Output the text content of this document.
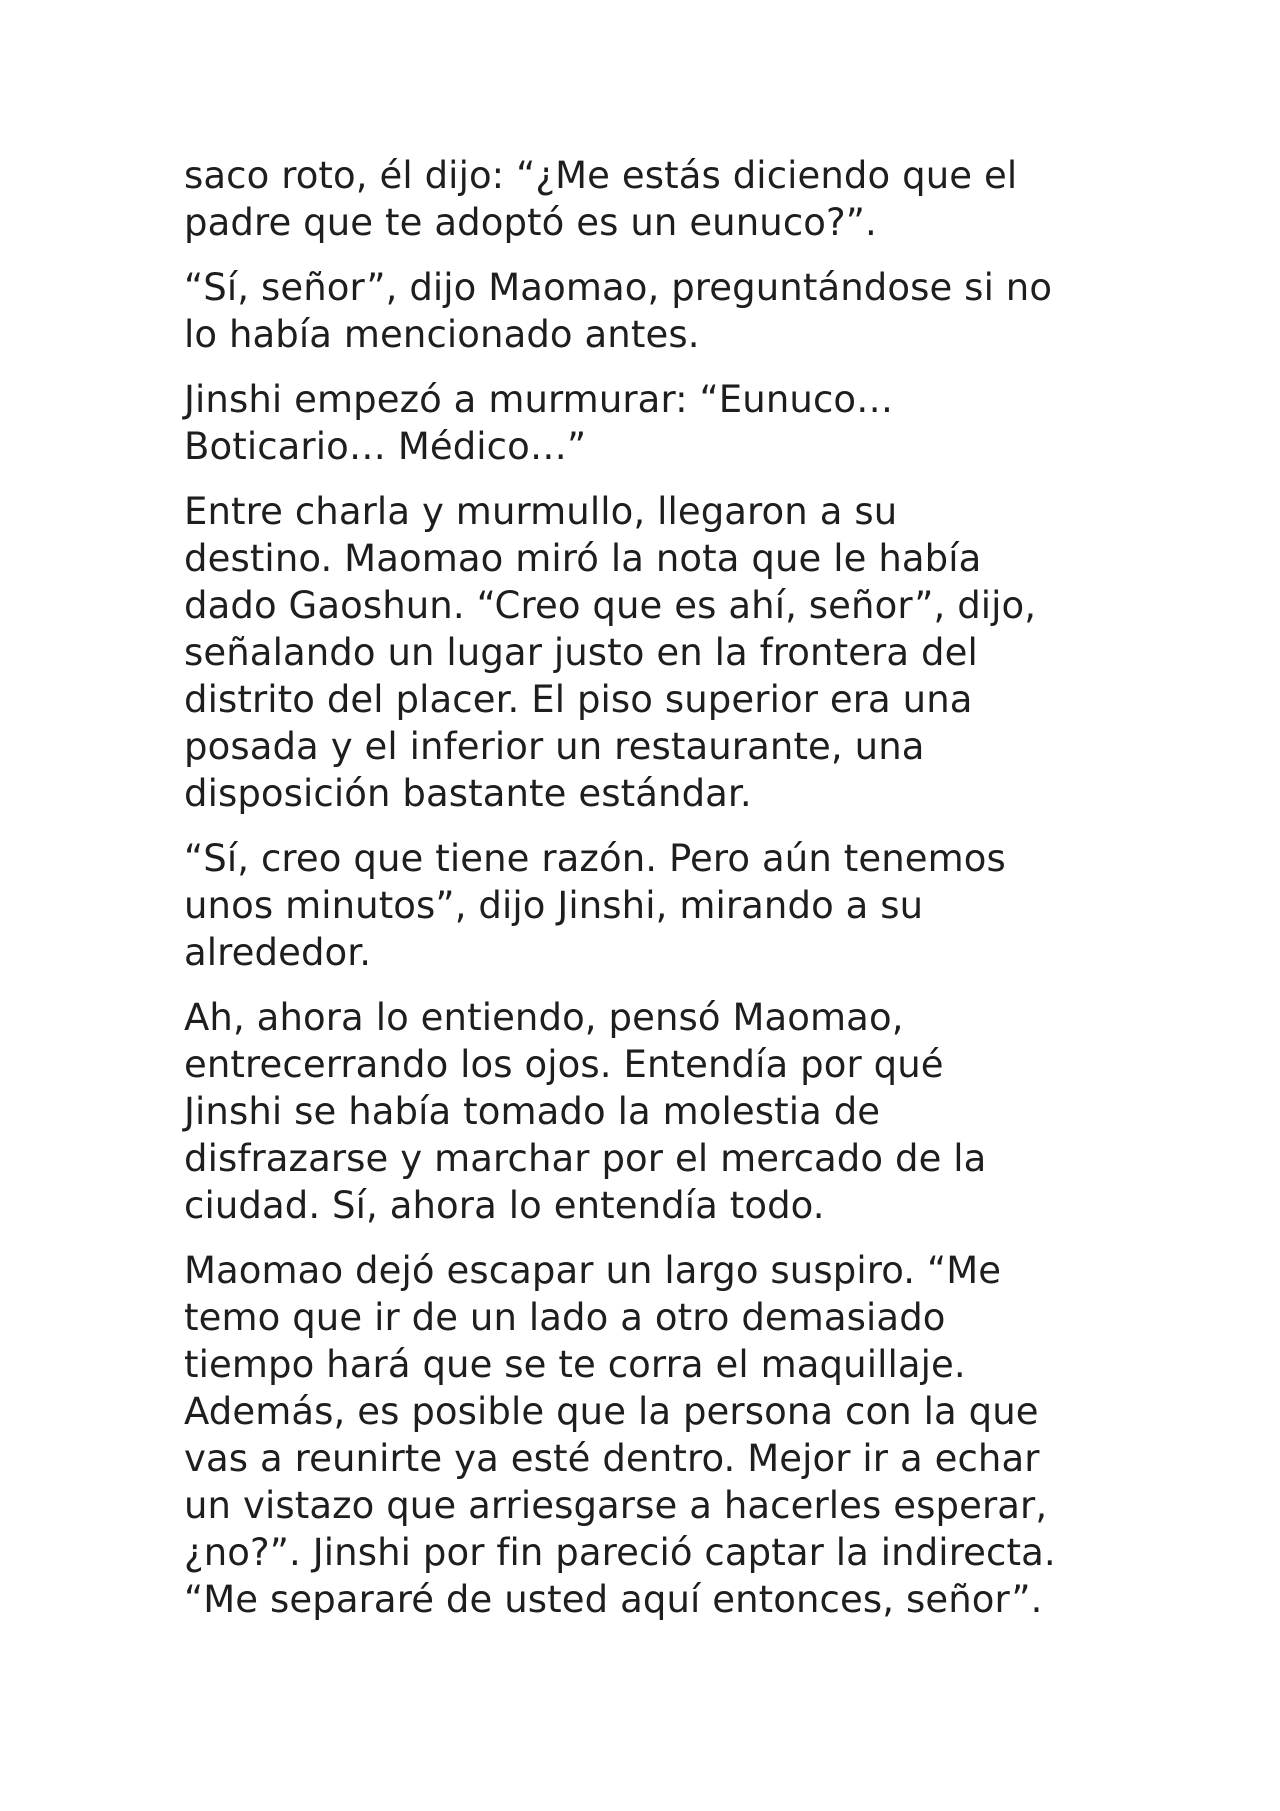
saco roto, él dijo: “¿Me estás diciendo que el
padre que te adoptó es un eunuco?”.

“Sí, señor”, dijo Maomao, preguntándose si no
lo había mencionado antes.

Jinshi empezó a murmurar: “Eunuco…
Boticario… Médico…”

Entre charla y murmullo, llegaron a su
destino. Maomao miró la nota que le había
dado Gaoshun. “Creo que es ahí, señor”, dijo,
señalando un lugar justo en la frontera del
distrito del placer. El piso superior era una
posada y el inferior un restaurante, una
disposición bastante estándar.

“Sí, creo que tiene razón. Pero aún tenemos
unos minutos”, dijo Jinshi, mirando a su
alrededor.

Ah, ahora lo entiendo, pensó Maomao,
entrecerrando los ojos. Entendía por qué
Jinshi se había tomado la molestia de
disfrazarse y marchar por el mercado de la
ciudad. Sí, ahora lo entendía todo.

Maomao dejó escapar un largo suspiro. “Me
temo que ir de un lado a otro demasiado
tiempo hará que se te corra el maquillaje.
Además, es posible que la persona con la que
vas a reunirte ya esté dentro. Mejor ir a echar
un vistazo que arriesgarse a hacerles esperar,
¿no?”. Jinshi por fin pareció captar la indirecta.
“Me separaré de usted aquí entonces, señor”.
